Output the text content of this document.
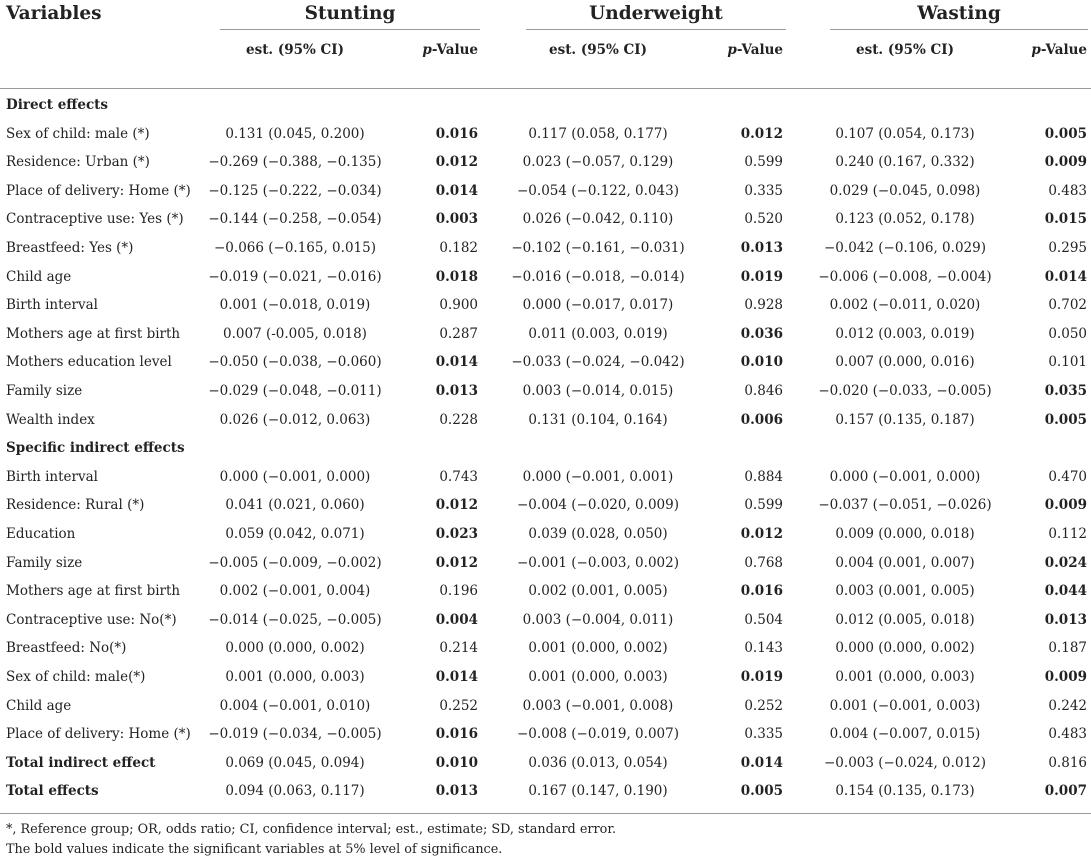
Variables	Stunting	Underweight	Wasting
est. (95% CI)	p-Value	est. (95% CI)	p-Value	est. (95% CI)	p-Value
Direct effects
Sex of child: male (*)	0.131 (0.045, 0.200)	0.016	0.117 (0.058, 0.177)	0.012	0.107 (0.054, 0.173)	0.005
Residence: Urban (*)	−0.269 (−0.388, −0.135)	0.012	0.023 (−0.057, 0.129)	0.599	0.240 (0.167, 0.332)	0.009
Place of delivery: Home (*)	−0.125 (−0.222, −0.034)	0.014	−0.054 (−0.122, 0.043)	0.335	0.029 (−0.045, 0.098)	0.483
Contraceptive use: Yes (*)	−0.144 (−0.258, −0.054)	0.003	0.026 (−0.042, 0.110)	0.520	0.123 (0.052, 0.178)	0.015
Breastfeed: Yes (*)	−0.066 (−0.165, 0.015)	0.182	−0.102 (−0.161, −0.031)	0.013	−0.042 (−0.106, 0.029)	0.295
Child age	−0.019 (−0.021, −0.016)	0.018	−0.016 (−0.018, −0.014)	0.019	−0.006 (−0.008, −0.004)	0.014
Birth interval	0.001 (−0.018, 0.019)	0.900	0.000 (−0.017, 0.017)	0.928	0.002 (−0.011, 0.020)	0.702
Mothers age at first birth	0.007 (-0.005, 0.018)	0.287	0.011 (0.003, 0.019)	0.036	0.012 (0.003, 0.019)	0.050
Mothers education level	−0.050 (−0.038, −0.060)	0.014	−0.033 (−0.024, −0.042)	0.010	0.007 (0.000, 0.016)	0.101
Family size	−0.029 (−0.048, −0.011)	0.013	0.003 (−0.014, 0.015)	0.846	−0.020 (−0.033, −0.005)	0.035
Wealth index	0.026 (−0.012, 0.063)	0.228	0.131 (0.104, 0.164)	0.006	0.157 (0.135, 0.187)	0.005
Specific indirect effects
Birth interval	0.000 (−0.001, 0.000)	0.743	0.000 (−0.001, 0.001)	0.884	0.000 (−0.001, 0.000)	0.470
Residence: Rural (*)	0.041 (0.021, 0.060)	0.012	−0.004 (−0.020, 0.009)	0.599	−0.037 (−0.051, −0.026)	0.009
Education	0.059 (0.042, 0.071)	0.023	0.039 (0.028, 0.050)	0.012	0.009 (0.000, 0.018)	0.112
Family size	−0.005 (−0.009, −0.002)	0.012	−0.001 (−0.003, 0.002)	0.768	0.004 (0.001, 0.007)	0.024
Mothers age at first birth	0.002 (−0.001, 0.004)	0.196	0.002 (0.001, 0.005)	0.016	0.003 (0.001, 0.005)	0.044
Contraceptive use: No(*)	−0.014 (−0.025, −0.005)	0.004	0.003 (−0.004, 0.011)	0.504	0.012 (0.005, 0.018)	0.013
Breastfeed: No(*)	0.000 (0.000, 0.002)	0.214	0.001 (0.000, 0.002)	0.143	0.000 (0.000, 0.002)	0.187
Sex of child: male(*)	0.001 (0.000, 0.003)	0.014	0.001 (0.000, 0.003)	0.019	0.001 (0.000, 0.003)	0.009
Child age	0.004 (−0.001, 0.010)	0.252	0.003 (−0.001, 0.008)	0.252	0.001 (−0.001, 0.003)	0.242
Place of delivery: Home (*)	−0.019 (−0.034, −0.005)	0.016	−0.008 (−0.019, 0.007)	0.335	0.004 (−0.007, 0.015)	0.483
Total indirect effect	0.069 (0.045, 0.094)	0.010	0.036 (0.013, 0.054)	0.014	−0.003 (−0.024, 0.012)	0.816
Total effects	0.094 (0.063, 0.117)	0.013	0.167 (0.147, 0.190)	0.005	0.154 (0.135, 0.173)	0.007
*, Reference group; OR, odds ratio; CI, confidence interval; est., estimate; SD, standard error.
The bold values indicate the significant variables at 5% level of significance.
